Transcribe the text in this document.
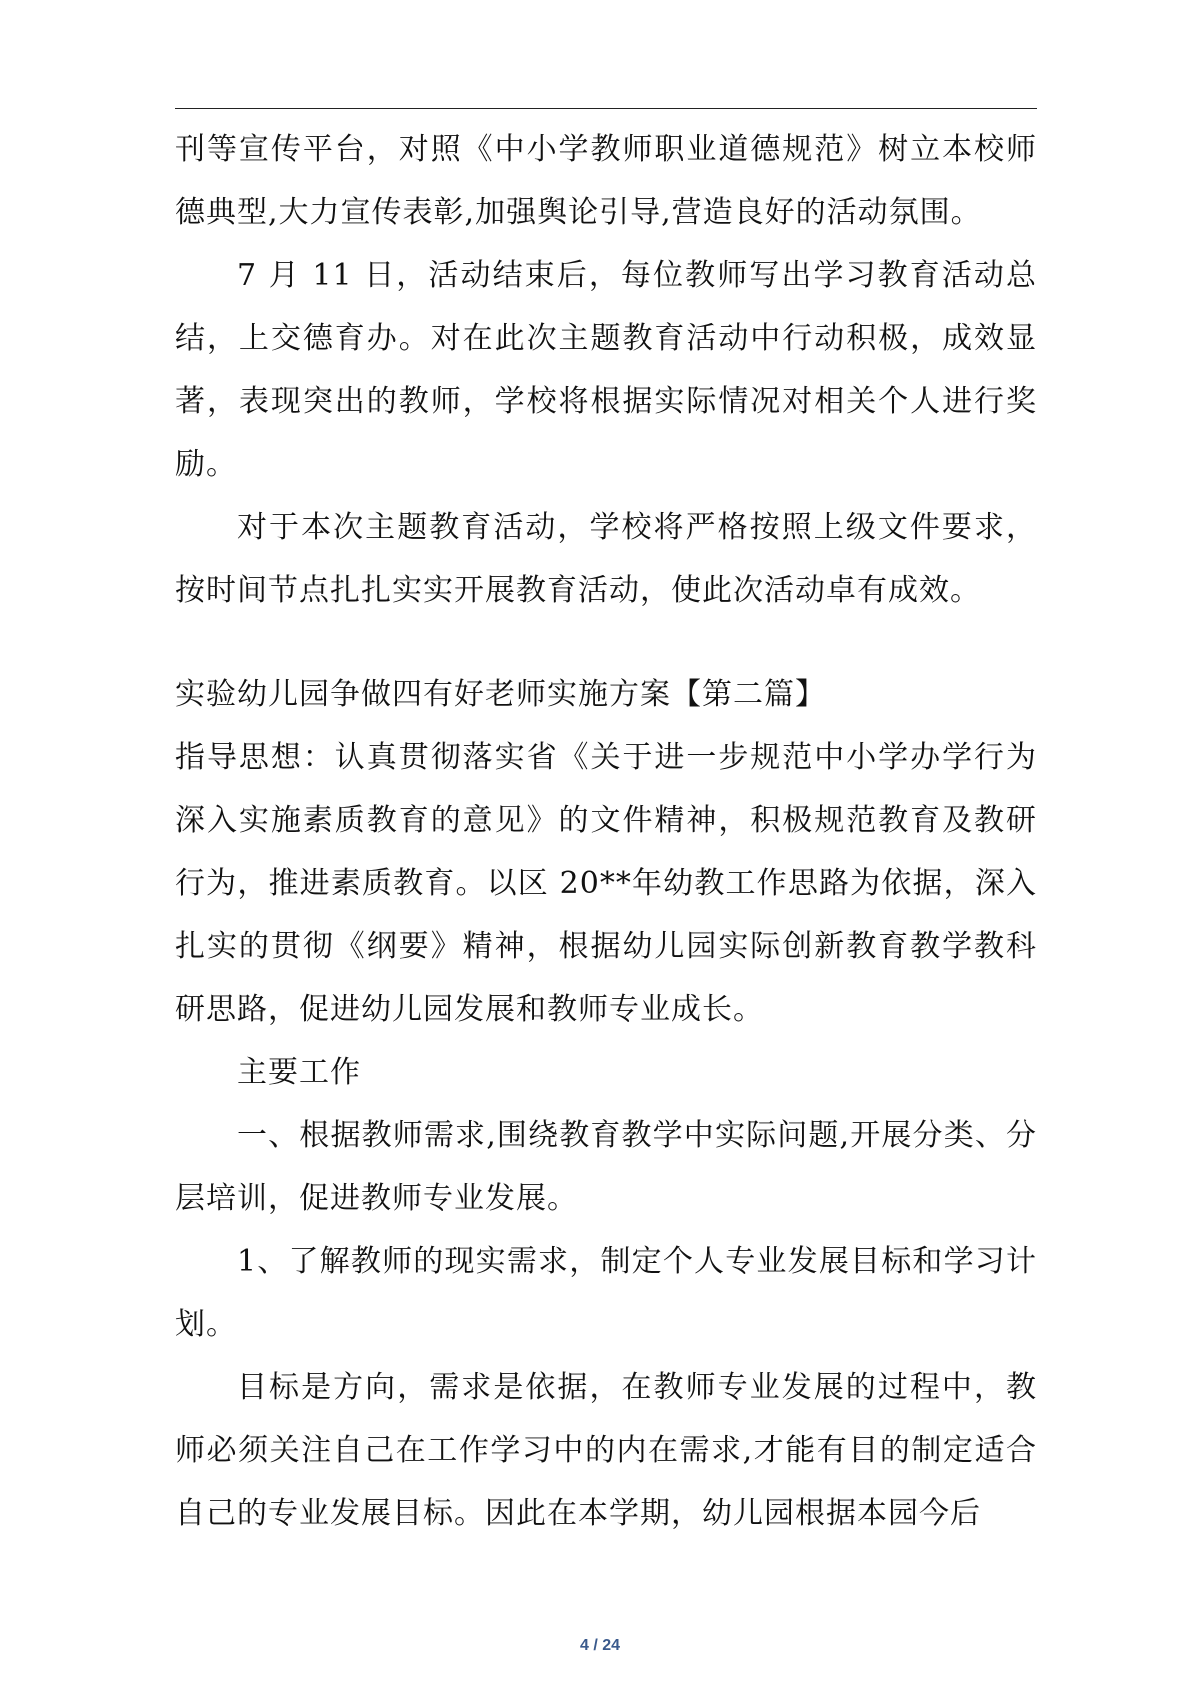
刊等宣传平台，对照《中小学教师职业道德规范》树立本校师德典型,大力宣传表彰,加强舆论引导,营造良好的活动氛围。

7 月 11 日，活动结束后，每位教师写出学习教育活动总结，上交德育办。对在此次主题教育活动中行动积极，成效显著，表现突出的教师，学校将根据实际情况对相关个人进行奖励。

对于本次主题教育活动，学校将严格按照上级文件要求，按时间节点扎扎实实开展教育活动，使此次活动卓有成效。

实验幼儿园争做四有好老师实施方案【第二篇】

指导思想：认真贯彻落实省《关于进一步规范中小学办学行为深入实施素质教育的意见》的文件精神，积极规范教育及教研行为，推进素质教育。以区 20**年幼教工作思路为依据，深入扎实的贯彻《纲要》精神，根据幼儿园实际创新教育教学教科研思路，促进幼儿园发展和教师专业成长。

主要工作

一、根据教师需求,围绕教育教学中实际问题,开展分类、分层培训，促进教师专业发展。

1、了解教师的现实需求，制定个人专业发展目标和学习计划。

目标是方向，需求是依据，在教师专业发展的过程中，教师必须关注自己在工作学习中的内在需求,才能有目的制定适合自己的专业发展目标。因此在本学期，幼儿园根据本园今后

4 / 24
